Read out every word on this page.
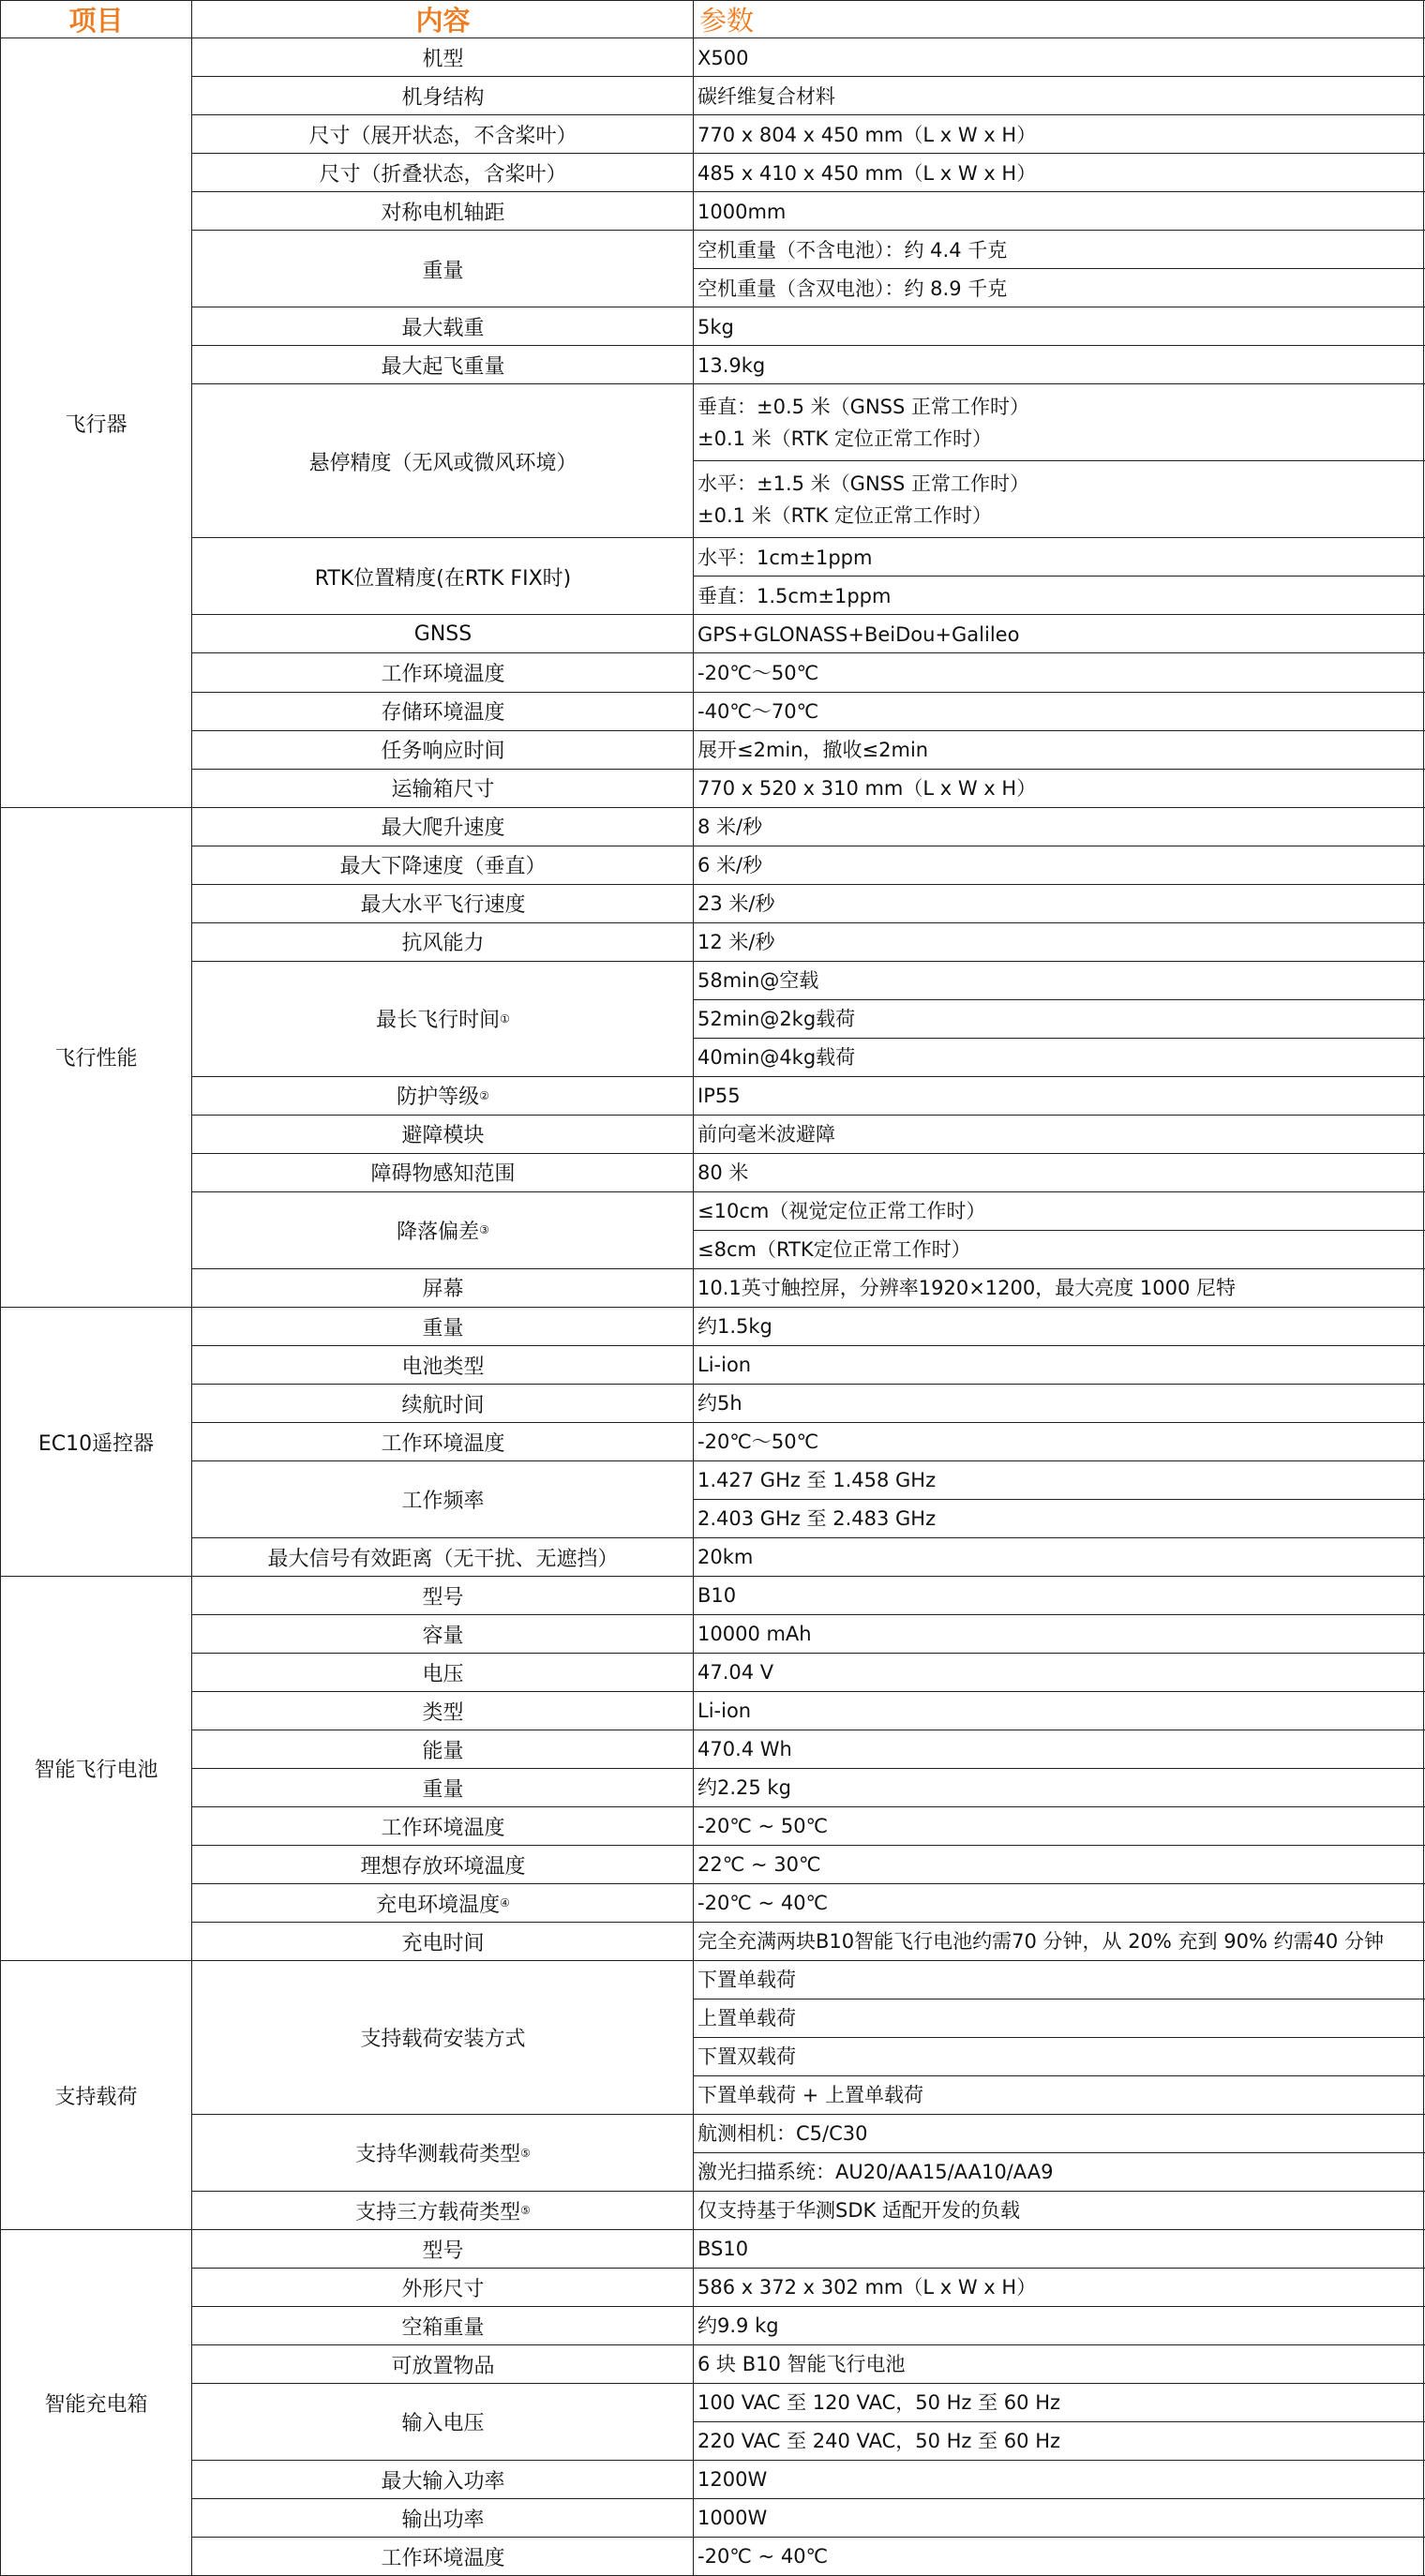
项目	内容	参数
X500
机型
碳纤维复合材料
机身结构
770 x 804 x 450 mm（L x W x H）
尺寸（展开状态，不含桨叶）
485 x 410 x 450 mm（L x W x H）
尺寸（折叠状态，含桨叶）
1000mm
对称电机轴距
空机重量（不含电池）：约 4.4 千克
空机重量（含双电池）：约 8.9 千克
重量
5kg
最大载重
13.9kg
最大起飞重量
垂直：±0.5 米（GNSS 正常工作时）
±0.1 米（RTK 定位正常工作时）
水平：±1.5 米（GNSS 正常工作时）
±0.1 米（RTK 定位正常工作时）
悬停精度（无风或微风环境）
水平：1cm±1ppm
垂直：1.5cm±1ppm
RTK位置精度(在RTK FIX时)
GPS+GLONASS+BeiDou+Galileo
GNSS
-20℃～50℃
工作环境温度
-40℃～70℃
存储环境温度
展开≤2min，撤收≤2min
任务响应时间
770 x 520 x 310 mm（L x W x H）
运输箱尺寸
飞行器
8 米/秒
最大爬升速度
6 米/秒
最大下降速度（垂直）
23 米/秒
最大水平飞行速度
12 米/秒
抗风能力
58min@空载
52min@2kg载荷
40min@4kg载荷
最长飞行时间 ①
IP55
防护等级 ②
前向毫米波避障
避障模块
80 米
障碍物感知范围
≤10cm（视觉定位正常工作时）
≤8cm（RTK定位正常工作时）
降落偏差 ③
10.1英寸触控屏，分辨率1920×1200，最大亮度 1000 尼特
屏幕
飞行性能
约1.5kg
重量
Li-ion
电池类型
约5h
续航时间
-20℃～50℃
工作环境温度
1.427 GHz 至 1.458 GHz
2.403 GHz 至 2.483 GHz
工作频率
20km
最大信号有效距离（无干扰、无遮挡）
EC10遥控器
B10
型号
10000 mAh
容量
47.04 V
电压
Li-ion
类型
470.4 Wh
能量
约2.25 kg
重量
-20℃ ~ 50℃
工作环境温度
22℃ ~ 30℃
理想存放环境温度
-20℃ ~ 40℃
充电环境温度 ④
完全充满两块B10智能飞行电池约需70 分钟，从 20% 充到 90% 约需40 分钟
充电时间
智能飞行电池
下置单载荷
上置单载荷
下置双载荷
下置单载荷 + 上置单载荷
支持载荷安装方式
航测相机：C5/C30
激光扫描系统：AU20/AA15/AA10/AA9
支持华测载荷类型 ⑤
仅支持基于华测SDK 适配开发的负载
支持三方载荷类型 ⑤
支持载荷
BS10
型号
586 x 372 x 302 mm（L x W x H）
外形尺寸
约9.9 kg
空箱重量
6 块 B10 智能飞行电池
可放置物品
100 VAC 至 120 VAC，50 Hz 至 60 Hz
220 VAC 至 240 VAC，50 Hz 至 60 Hz
输入电压
1200W
最大输入功率
1000W
输出功率
-20℃ ~ 40℃
工作环境温度
智能充电箱
